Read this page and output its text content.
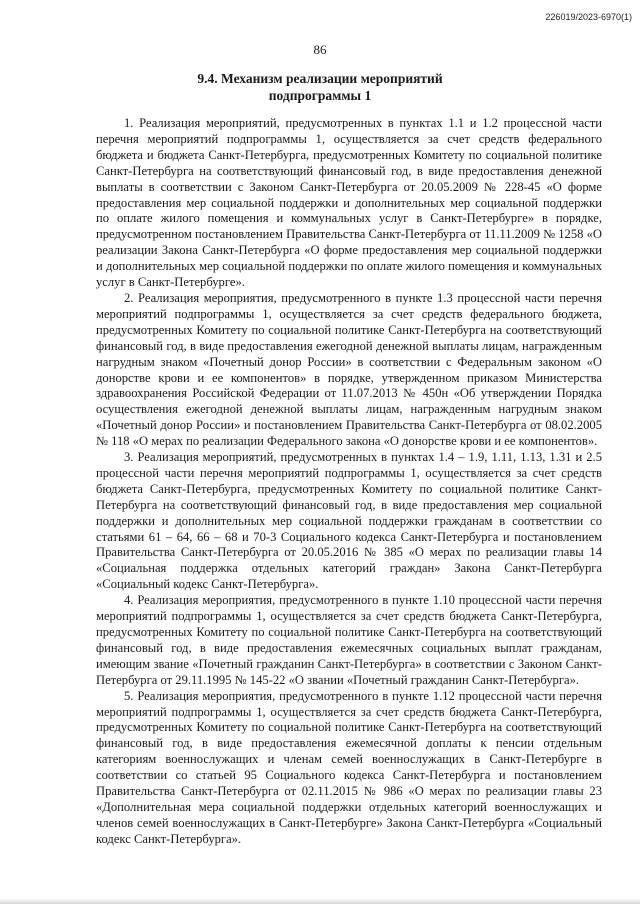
226019/2023-6970(1)
86
9.4. Механизм реализации мероприятий
подпрограммы 1

1. Реализация мероприятий, предусмотренных в пунктах 1.1 и 1.2 процессной части перечня мероприятий подпрограммы 1, осуществляется за счет средств федерального бюджета и бюджета Санкт-Петербурга, предусмотренных Комитету по социальной политике Санкт-Петербурга на соответствующий финансовый год, в виде предоставления денежной выплаты в соответствии с Законом Санкт-Петербурга от 20.05.2009 № 228-45 «О форме предоставления мер социальной поддержки и дополнительных мер социальной поддержки по оплате жилого помещения и коммунальных услуг в Санкт-Петербурге» в порядке, предусмотренном постановлением Правительства Санкт-Петербурга от 11.11.2009 № 1258 «О реализации Закона Санкт-Петербурга «О форме предоставления мер социальной поддержки и дополнительных мер социальной поддержки по оплате жилого помещения и коммунальных услуг в Санкт-Петербурге».

2. Реализация мероприятия, предусмотренного в пункте 1.3 процессной части перечня мероприятий подпрограммы 1, осуществляется за счет средств федерального бюджета, предусмотренных Комитету по социальной политике Санкт-Петербурга на соответствующий финансовый год, в виде предоставления ежегодной денежной выплаты лицам, награжденным нагрудным знаком «Почетный донор России» в соответствии с Федеральным законом «О донорстве крови и ее компонентов» в порядке, утвержденном приказом Министерства здравоохранения Российской Федерации от 11.07.2013 № 450н «Об утверждении Порядка осуществления ежегодной денежной выплаты лицам, награжденным нагрудным знаком «Почетный донор России» и постановлением Правительства Санкт-Петербурга от 08.02.2005 № 118 «О мерах по реализации Федерального закона «О донорстве крови и ее компонентов».

3. Реализация мероприятий, предусмотренных в пунктах 1.4 – 1.9, 1.11, 1.13, 1.31 и 2.5 процессной части перечня мероприятий подпрограммы 1, осуществляется за счет средств бюджета Санкт-Петербурга, предусмотренных Комитету по социальной политике Санкт-Петербурга на соответствующий финансовый год, в виде предоставления мер социальной поддержки и дополнительных мер социальной поддержки гражданам в соответствии со статьями 61 – 64, 66 – 68 и 70-3 Социального кодекса Санкт-Петербурга и постановлением Правительства Санкт-Петербурга от 20.05.2016 № 385 «О мерах по реализации главы 14 «Социальная поддержка отдельных категорий граждан» Закона Санкт-Петербурга «Социальный кодекс Санкт-Петербурга».

4. Реализация мероприятия, предусмотренного в пункте 1.10 процессной части перечня мероприятий подпрограммы 1, осуществляется за счет средств бюджета Санкт-Петербурга, предусмотренных Комитету по социальной политике Санкт-Петербурга на соответствующий финансовый год, в виде предоставления ежемесячных социальных выплат гражданам, имеющим звание «Почетный гражданин Санкт-Петербурга» в соответствии с Законом Санкт-Петербурга от 29.11.1995 № 145-22 «О звании «Почетный гражданин Санкт-Петербурга».

5. Реализация мероприятия, предусмотренного в пункте 1.12 процессной части перечня мероприятий подпрограммы 1, осуществляется за счет средств бюджета Санкт-Петербурга, предусмотренных Комитету по социальной политике Санкт-Петербурга на соответствующий финансовый год, в виде предоставления ежемесячной доплаты к пенсии отдельным категориям военнослужащих и членам семей военнослужащих в Санкт-Петербурге в соответствии со статьей 95 Социального кодекса Санкт-Петербурга и постановлением Правительства Санкт-Петербурга от 02.11.2015 № 986 «О мерах по реализации главы 23 «Дополнительная мера социальной поддержки отдельных категорий военнослужащих и членов семей военнослужащих в Санкт-Петербурге» Закона Санкт-Петербурга «Социальный кодекс Санкт-Петербурга».
